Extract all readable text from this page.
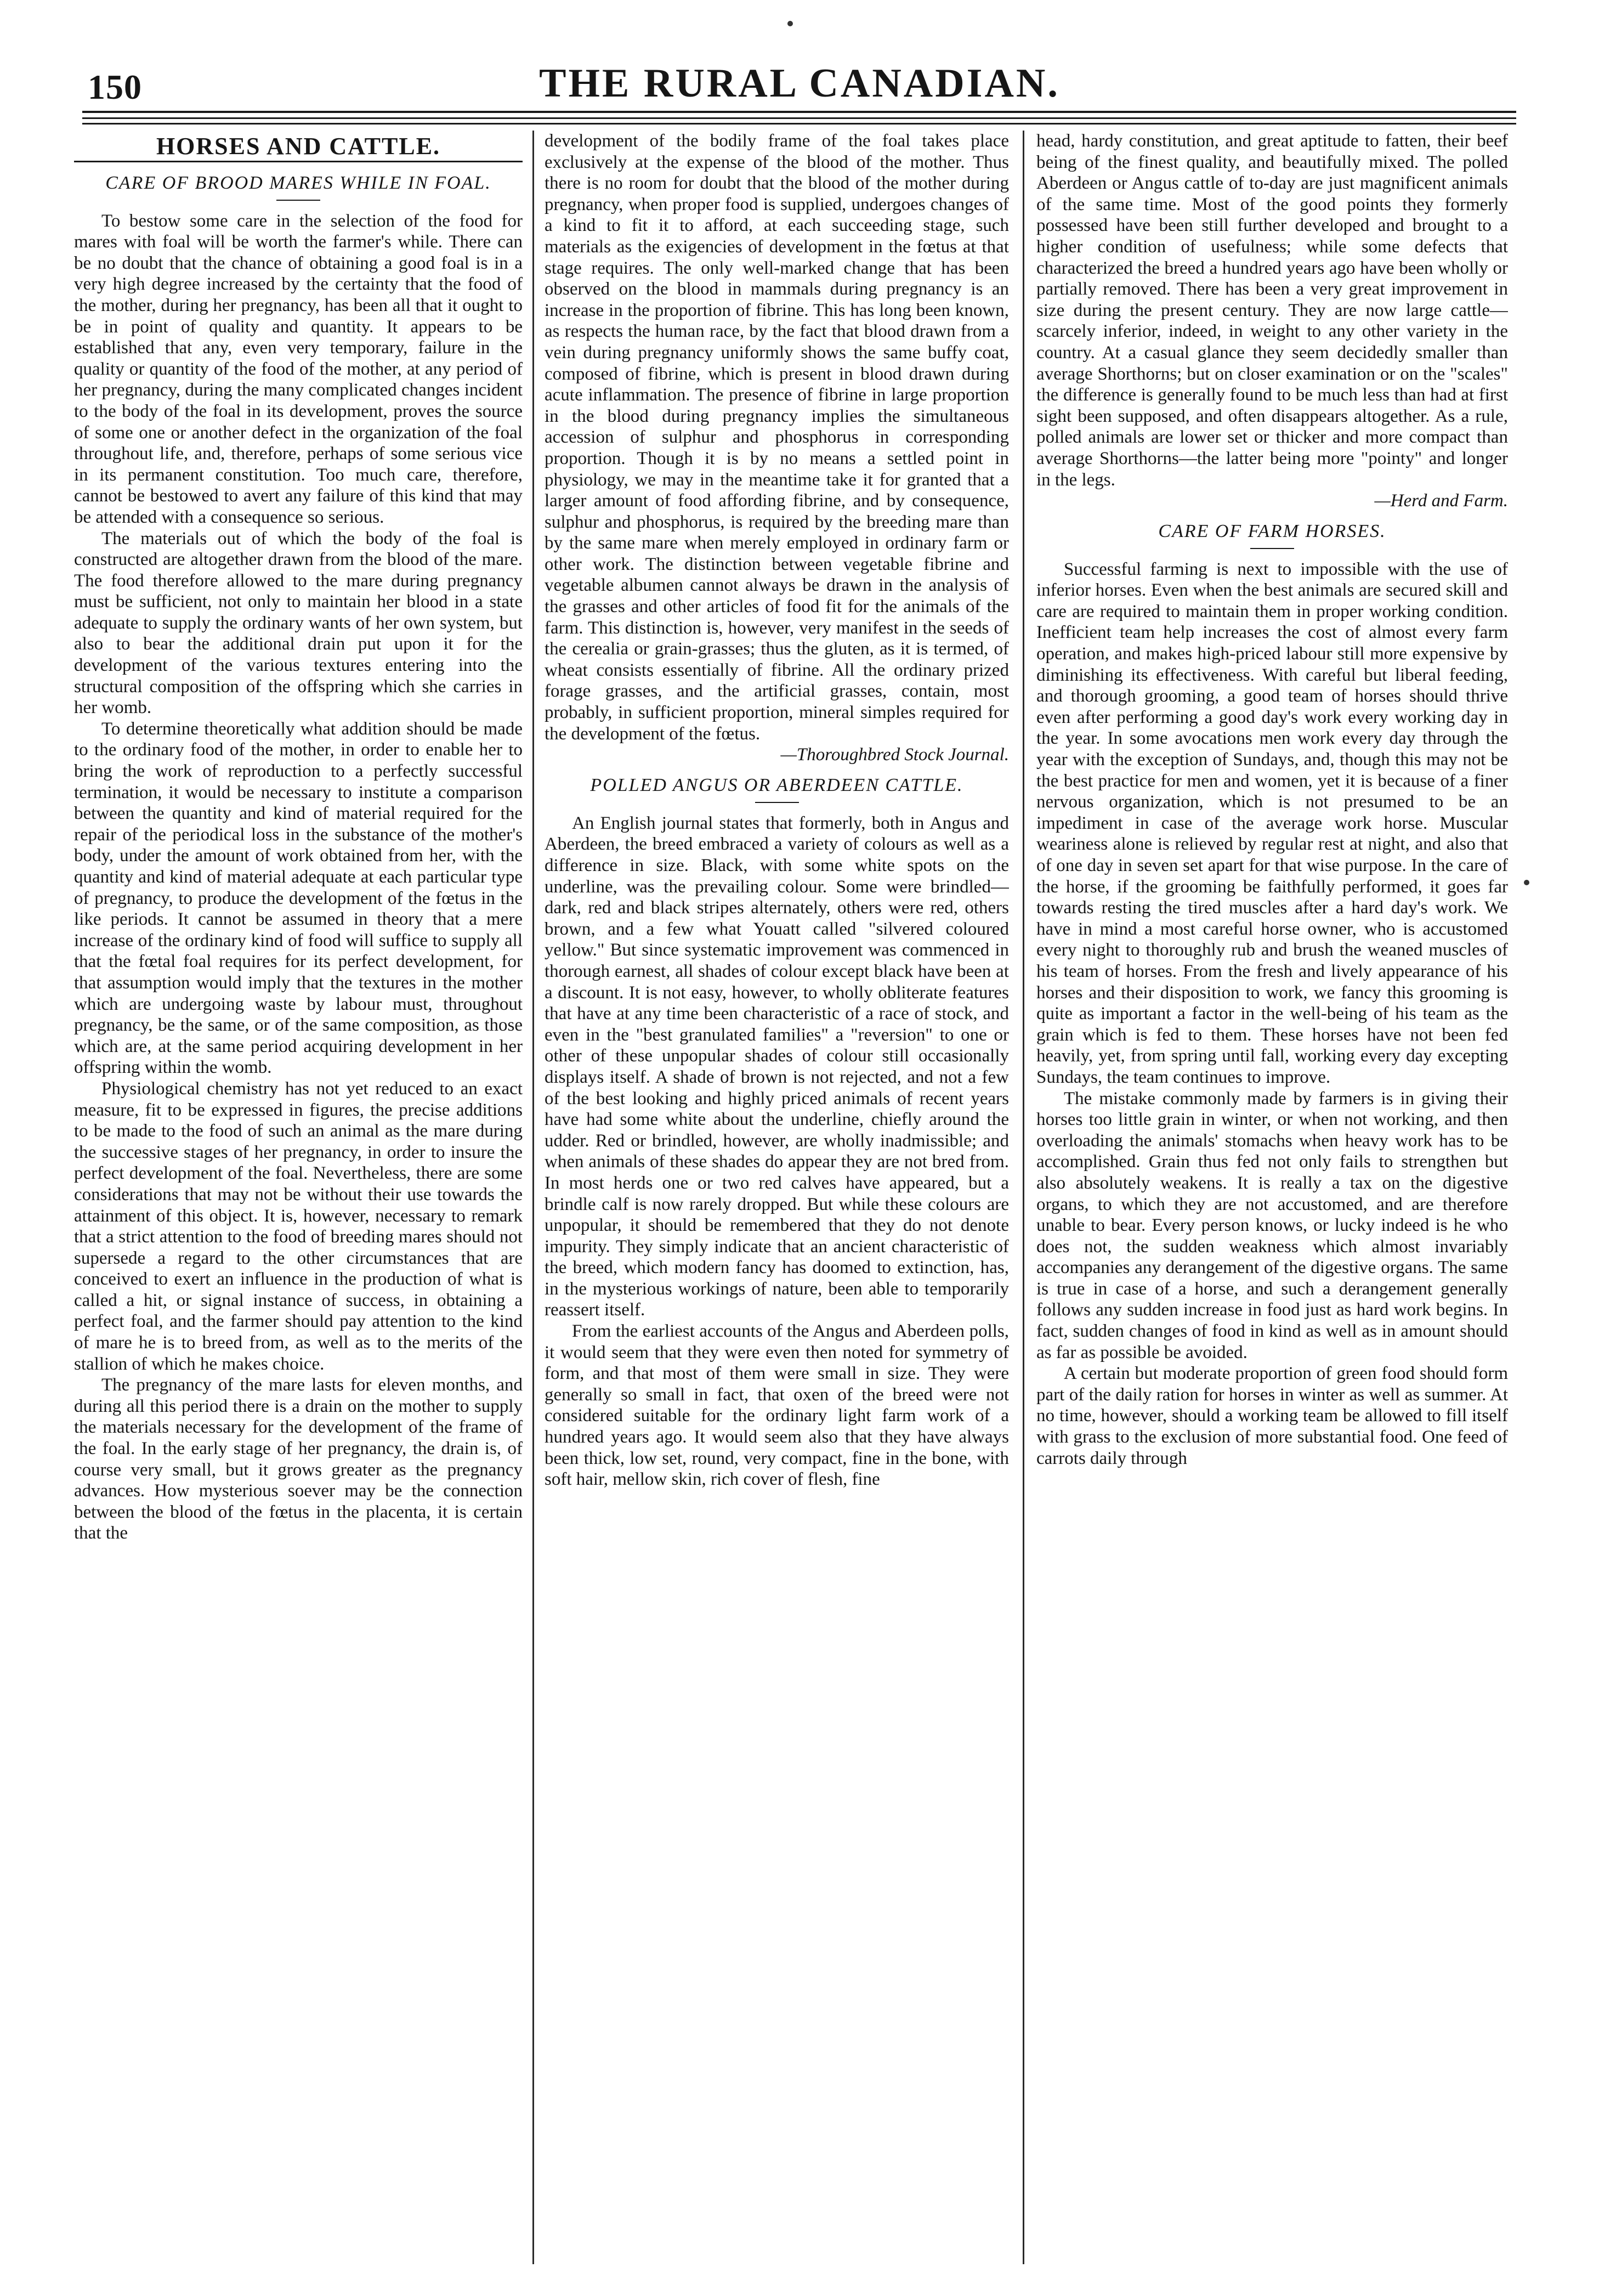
150	THE RURAL CANADIAN.
HORSES AND CATTLE.
CARE OF BROOD MARES WHILE IN FOAL.

To bestow some care in the selection of the food for mares with foal will be worth the farmer's while. There can be no doubt that the chance of obtaining a good foal is in a very high degree increased by the certainty that the food of the mother, during her pregnancy, has been all that it ought to be in point of quality and quantity. It appears to be established that any, even very temporary, failure in the quality or quantity of the food of the mother, at any period of her pregnancy, during the many complicated changes incident to the body of the foal in its development, proves the source of some one or another defect in the organization of the foal throughout life, and, therefore, perhaps of some serious vice in its permanent constitution. Too much care, therefore, cannot be bestowed to avert any failure of this kind that may be attended with a consequence so serious.

The materials out of which the body of the foal is constructed are altogether drawn from the blood of the mare. The food therefore allowed to the mare during pregnancy must be sufficient, not only to maintain her blood in a state adequate to supply the ordinary wants of her own system, but also to bear the additional drain put upon it for the development of the various textures entering into the structural composition of the offspring which she carries in her womb.

To determine theoretically what addition should be made to the ordinary food of the mother, in order to enable her to bring the work of reproduction to a perfectly successful termination, it would be necessary to institute a comparison between the quantity and kind of material required for the repair of the periodical loss in the substance of the mother's body, under the amount of work obtained from her, with the quantity and kind of material adequate at each particular type of pregnancy, to produce the development of the fœtus in the like periods. It cannot be assumed in theory that a mere increase of the ordinary kind of food will suffice to supply all that the fœtal foal requires for its perfect development, for that assumption would imply that the textures in the mother which are undergoing waste by labour must, throughout pregnancy, be the same, or of the same composition, as those which are, at the same period acquiring development in her offspring within the womb.

Physiological chemistry has not yet reduced to an exact measure, fit to be expressed in figures, the precise additions to be made to the food of such an animal as the mare during the successive stages of her pregnancy, in order to insure the perfect development of the foal. Nevertheless, there are some considerations that may not be without their use towards the attainment of this object. It is, however, necessary to remark that a strict attention to the food of breeding mares should not supersede a regard to the other circumstances that are conceived to exert an influence in the production of what is called a hit, or signal instance of success, in obtaining a perfect foal, and the farmer should pay attention to the kind of mare he is to breed from, as well as to the merits of the stallion of which he makes choice.

The pregnancy of the mare lasts for eleven months, and during all this period there is a drain on the mother to supply the materials necessary for the development of the frame of the foal. In the early stage of her pregnancy, the drain is, of course very small, but it grows greater as the pregnancy advances. How mysterious soever may be the connection between the blood of the fœtus in the placenta, it is certain that the

development of the bodily frame of the foal takes place exclusively at the expense of the blood of the mother. Thus there is no room for doubt that the blood of the mother during pregnancy, when proper food is supplied, undergoes changes of a kind to fit it to afford, at each succeeding stage, such materials as the exigencies of development in the fœtus at that stage requires. The only well-marked change that has been observed on the blood in mammals during pregnancy is an increase in the proportion of fibrine. This has long been known, as respects the human race, by the fact that blood drawn from a vein during pregnancy uniformly shows the same buffy coat, composed of fibrine, which is present in blood drawn during acute inflammation. The presence of fibrine in large proportion in the blood during pregnancy implies the simultaneous accession of sulphur and phosphorus in corresponding proportion. Though it is by no means a settled point in physiology, we may in the meantime take it for granted that a larger amount of food affording fibrine, and by consequence, sulphur and phosphorus, is required by the breeding mare than by the same mare when merely employed in ordinary farm or other work. The distinction between vegetable fibrine and vegetable albumen cannot always be drawn in the analysis of the grasses and other articles of food fit for the animals of the farm. This distinction is, however, very manifest in the seeds of the cerealia or grain-grasses; thus the gluten, as it is termed, of wheat consists essentially of fibrine. All the ordinary prized forage grasses, and the artificial grasses, contain, most probably, in sufficient proportion, mineral simples required for the development of the fœtus.

—Thoroughbred Stock Journal.

POLLED ANGUS OR ABERDEEN CATTLE.

An English journal states that formerly, both in Angus and Aberdeen, the breed embraced a variety of colours as well as a difference in size. Black, with some white spots on the underline, was the prevailing colour. Some were brindled—dark, red and black stripes alternately, others were red, others brown, and a few what Youatt called "silvered coloured yellow." But since systematic improvement was commenced in thorough earnest, all shades of colour except black have been at a discount. It is not easy, however, to wholly obliterate features that have at any time been characteristic of a race of stock, and even in the "best granulated families" a "reversion" to one or other of these unpopular shades of colour still occasionally displays itself. A shade of brown is not rejected, and not a few of the best looking and highly priced animals of recent years have had some white about the underline, chiefly around the udder. Red or brindled, however, are wholly inadmissible; and when animals of these shades do appear they are not bred from. In most herds one or two red calves have appeared, but a brindle calf is now rarely dropped. But while these colours are unpopular, it should be remembered that they do not denote impurity. They simply indicate that an ancient characteristic of the breed, which modern fancy has doomed to extinction, has, in the mysterious workings of nature, been able to temporarily reassert itself.

From the earliest accounts of the Angus and Aberdeen polls, it would seem that they were even then noted for symmetry of form, and that most of them were small in size. They were generally so small in fact, that oxen of the breed were not considered suitable for the ordinary light farm work of a hundred years ago. It would seem also that they have always been thick, low set, round, very compact, fine in the bone, with soft hair, mellow skin, rich cover of flesh, fine

head, hardy constitution, and great aptitude to fatten, their beef being of the finest quality, and beautifully mixed. The polled Aberdeen or Angus cattle of to-day are just magnificent animals of the same time. Most of the good points they formerly possessed have been still further developed and brought to a higher condition of usefulness; while some defects that characterized the breed a hundred years ago have been wholly or partially removed. There has been a very great improvement in size during the present century. They are now large cattle—scarcely inferior, indeed, in weight to any other variety in the country. At a casual glance they seem decidedly smaller than average Shorthorns; but on closer examination or on the "scales" the difference is generally found to be much less than had at first sight been supposed, and often disappears altogether. As a rule, polled animals are lower set or thicker and more compact than average Shorthorns—the latter being more "pointy" and longer in the legs.

—Herd and Farm.

CARE OF FARM HORSES.

Successful farming is next to impossible with the use of inferior horses. Even when the best animals are secured skill and care are required to maintain them in proper working condition. Inefficient team help increases the cost of almost every farm operation, and makes high-priced labour still more expensive by diminishing its effectiveness. With careful but liberal feeding, and thorough grooming, a good team of horses should thrive even after performing a good day's work every working day in the year. In some avocations men work every day through the year with the exception of Sundays, and, though this may not be the best practice for men and women, yet it is because of a finer nervous organization, which is not presumed to be an impediment in case of the average work horse. Muscular weariness alone is relieved by regular rest at night, and also that of one day in seven set apart for that wise purpose. In the care of the horse, if the grooming be faithfully performed, it goes far towards resting the tired muscles after a hard day's work. We have in mind a most careful horse owner, who is accustomed every night to thoroughly rub and brush the weaned muscles of his team of horses. From the fresh and lively appearance of his horses and their disposition to work, we fancy this grooming is quite as important a factor in the well-being of his team as the grain which is fed to them. These horses have not been fed heavily, yet, from spring until fall, working every day excepting Sundays, the team continues to improve.

The mistake commonly made by farmers is in giving their horses too little grain in winter, or when not working, and then overloading the animals' stomachs when heavy work has to be accomplished. Grain thus fed not only fails to strengthen but also absolutely weakens. It is really a tax on the digestive organs, to which they are not accustomed, and are therefore unable to bear. Every person knows, or lucky indeed is he who does not, the sudden weakness which almost invariably accompanies any derangement of the digestive organs. The same is true in case of a horse, and such a derangement generally follows any sudden increase in food just as hard work begins. In fact, sudden changes of food in kind as well as in amount should as far as possible be avoided.

A certain but moderate proportion of green food should form part of the daily ration for horses in winter as well as summer. At no time, however, should a working team be allowed to fill itself with grass to the exclusion of more substantial food. One feed of carrots daily through
